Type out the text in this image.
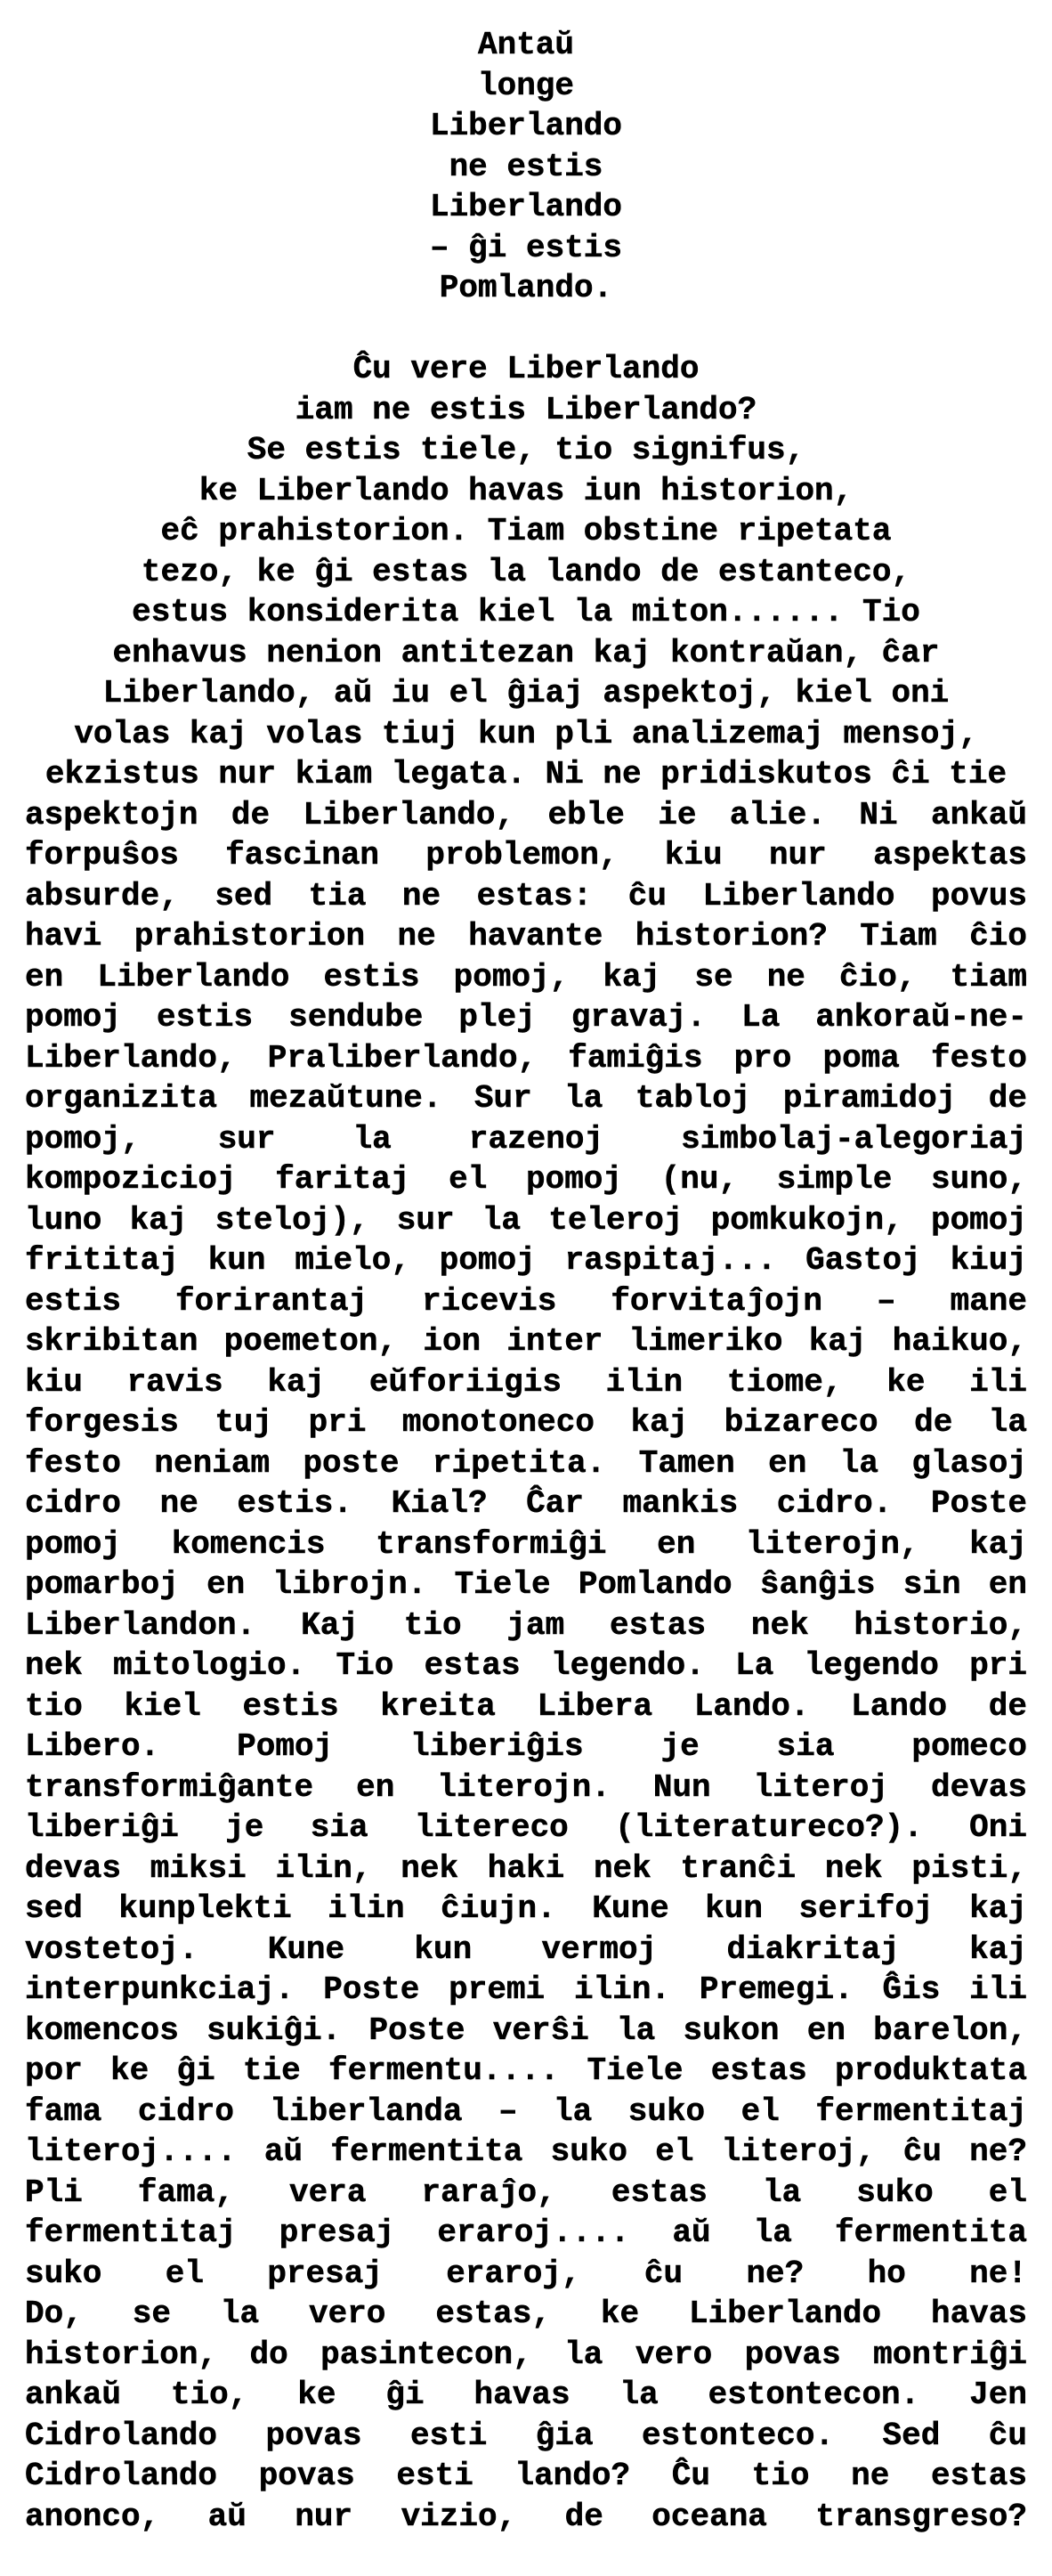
Antaŭ
longe
Liberlando
ne estis
Liberlando
– ĝi estis
Pomlando.
Ĉu vere Liberlando
iam ne estis Liberlando?
Se estis tiele, tio signifus,
ke Liberlando havas iun historion,
eĉ prahistorion. Tiam obstine ripetata
tezo, ke ĝi estas la lando de estanteco,
estus konsiderita kiel la miton...... Tio
enhavus nenion antitezan kaj kontraŭan, ĉar
Liberlando, aŭ iu el ĝiaj aspektoj, kiel oni
volas kaj volas tiuj kun pli analizemaj mensoj,
ekzistus nur kiam legata. Ni ne pridiskutos ĉi tie
aspektojn de Liberlando, eble ie alie. Ni ankaŭ
forpuŝos fascinan problemon, kiu nur aspektas
absurde, sed tia ne estas: ĉu Liberlando povus
havi prahistorion ne havante historion? Tiam ĉio
en Liberlando estis pomoj, kaj se ne ĉio, tiam
pomoj estis sendube plej gravaj. La ankoraŭ-ne-
Liberlando, Praliberlando, famiĝis pro poma festo
organizita mezaŭtune. Sur la tabloj piramidoj de
pomoj, sur la razenoj simbolaj-alegoriaj
kompozicioj faritaj el pomoj (nu, simple suno,
luno kaj steloj), sur la teleroj pomkukojn, pomoj
frititaj kun mielo, pomoj raspitaj... Gastoj kiuj
estis forirantaj ricevis forvitaĵojn – mane
skribitan poemeton, ion inter limeriko kaj haikuo,
kiu ravis kaj eŭforiigis ilin tiome, ke ili
forgesis tuj pri monotoneco kaj bizareco de la
festo neniam poste ripetita. Tamen en la glasoj
cidro ne estis. Kial? Ĉar mankis cidro. Poste
pomoj komencis transformiĝi en literojn, kaj
pomarboj en librojn. Tiele Pomlando ŝanĝis sin en
Liberlandon. Kaj tio jam estas nek historio,
nek mitologio. Tio estas legendo. La legendo pri
tio kiel estis kreita Libera Lando. Lando de
Libero. Pomoj liberiĝis je sia pomeco
transformiĝante en literojn. Nun literoj devas
liberiĝi je sia litereco (literatureco?). Oni
devas miksi ilin, nek haki nek tranĉi nek pisti,
sed kunplekti ilin ĉiujn. Kune kun serifoj kaj
vostetoj. Kune kun vermoj diakritaj kaj
interpunkciaj. Poste premi ilin. Premegi. Ĝis ili
komencos sukiĝi. Poste verŝi la sukon en barelon,
por ke ĝi tie fermentu.... Tiele estas produktata
fama cidro liberlanda – la suko el fermentitaj
literoj.... aŭ fermentita suko el literoj, ĉu ne?
Pli fama, vera raraĵo, estas la suko el
fermentitaj presaj eraroj.... aŭ la fermentita
suko el presaj eraroj, ĉu ne? ho ne!
Do, se la vero estas, ke Liberlando havas
historion, do pasintecon, la vero povas montriĝi
ankaŭ tio, ke ĝi havas la estontecon. Jen
Cidrolando povas esti ĝia estonteco. Sed ĉu
Cidrolando povas esti lando? Ĉu tio ne estas
anonco, aŭ nur vizio, de oceana transgreso?
